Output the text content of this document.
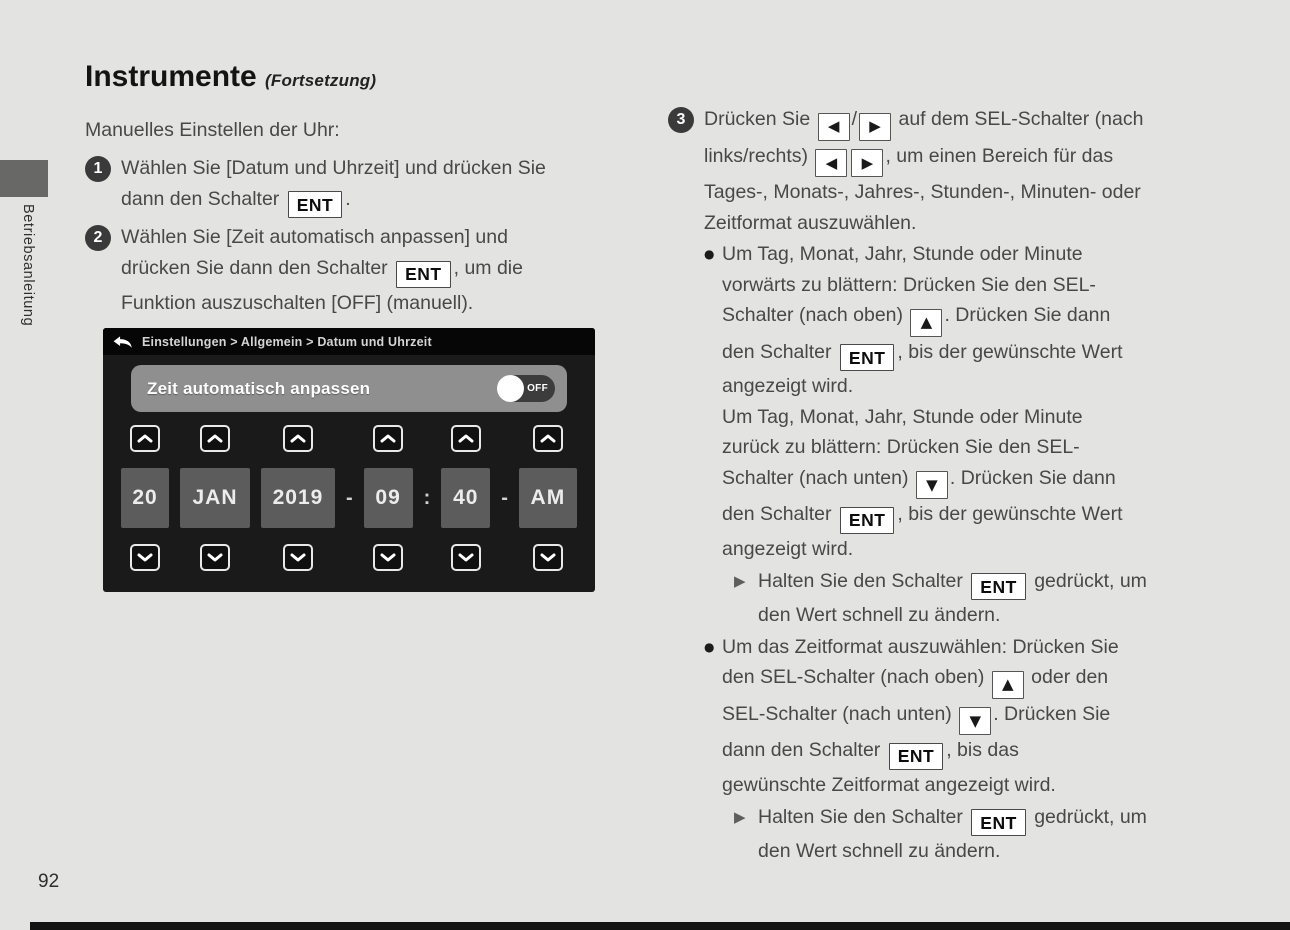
Betriebsanleitung
92
Instrumente (Fortsetzung)

Manuelles Einstellen der Uhr:

1 Wählen Sie [Datum und Uhrzeit] und drücken Sie
dann den Schalter ENT .
2 Wählen Sie [Zeit automatisch anpassen] und
drücken Sie dann den Schalter ENT , um die
Funktion auszuschalten [OFF] (manuell).
Einstellungen > Allgemein > Datum und Uhrzeit
Zeit automatisch anpassen	OFF
20	JAN	2019	-	09	:	40	-	AM
3 Drücken Sie ◀ / ▶ auf dem SEL-Schalter (nach
links/rechts) ◀ ▶ , um einen Bereich für das
Tages-, Monats-, Jahres-, Stunden-, Minuten- oder
Zeitformat auszuwählen.
● Um Tag, Monat, Jahr, Stunde oder Minute
vorwärts zu blättern: Drücken Sie den SEL-
Schalter (nach oben) ▲ . Drücken Sie dann
den Schalter ENT , bis der gewünschte Wert
angezeigt wird.
Um Tag, Monat, Jahr, Stunde oder Minute
zurück zu blättern: Drücken Sie den SEL-
Schalter (nach unten) ▼ . Drücken Sie dann
den Schalter ENT , bis der gewünschte Wert
angezeigt wird.
▶ Halten Sie den Schalter ENT gedrückt, um
den Wert schnell zu ändern.
● Um das Zeitformat auszuwählen: Drücken Sie
den SEL-Schalter (nach oben) ▲ oder den
SEL-Schalter (nach unten) ▼ . Drücken Sie
dann den Schalter ENT , bis das
gewünschte Zeitformat angezeigt wird.
▶ Halten Sie den Schalter ENT gedrückt, um
den Wert schnell zu ändern.
